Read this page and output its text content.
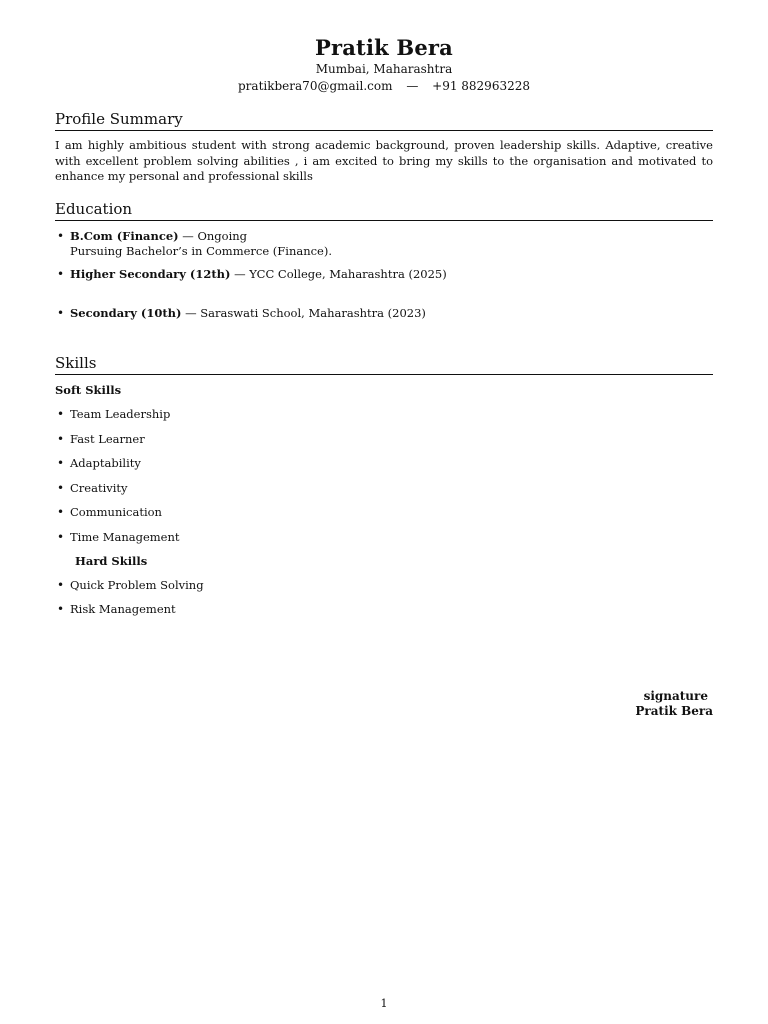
Pratik Bera
Mumbai, Maharashtra
pratikbera70@gmail.com — +91 882963228
Profile Summary
I am highly ambitious student with strong academic background, proven leadership skills. Adaptive, creative with excellent problem solving abilities , i am excited to bring my skills to the organisation and motivated to enhance my personal and professional skills
Education
• B.Com (Finance) — Ongoing
Pursuing Bachelor’s in Commerce (Finance).
• Higher Secondary (12th) — YCC College, Maharashtra (2025)
• Secondary (10th) — Saraswati School, Maharashtra (2023)
Skills
Soft Skills
• Team Leadership
• Fast Learner
• Adaptability
• Creativity
• Communication
• Time Management
Hard Skills
• Quick Problem Solving
• Risk Management
signature
Pratik Bera
1
